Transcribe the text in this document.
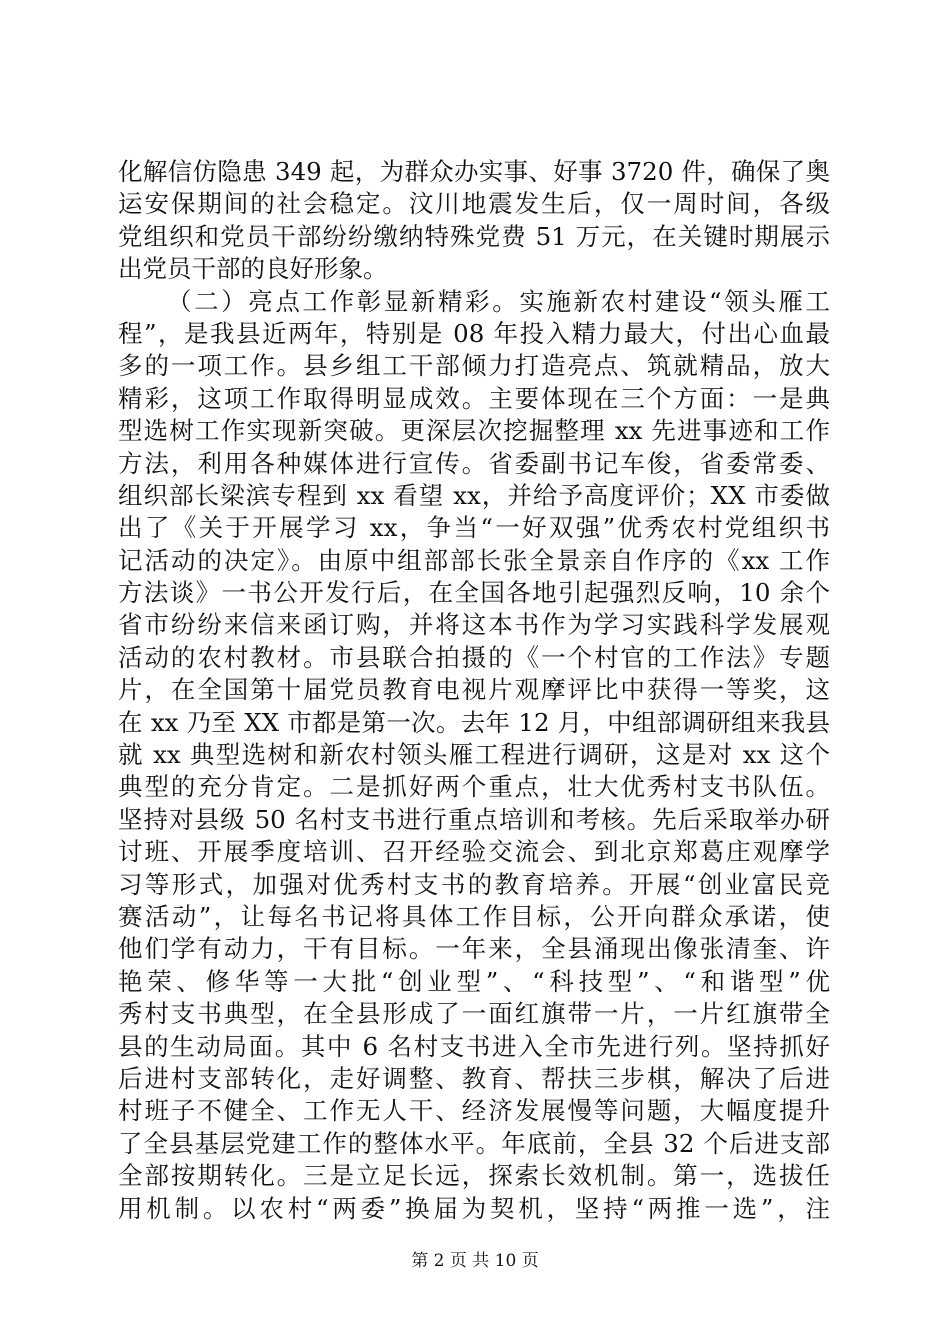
化解信仿隐患 349 起，为群众办实事、好事 3720 件，确保了奥
运安保期间的社会稳定。汶川地震发生后，仅一周时间，各级
党组织和党员干部纷纷缴纳特殊党费 51 万元，在关键时期展示
出党员干部的良好形象。
（二）亮点工作彰显新精彩。实施新农村建设“领头雁工
程”，是我县近两年，特别是 08 年投入精力最大，付出心血最
多的一项工作。县乡组工干部倾力打造亮点、筑就精品，放大
精彩，这项工作取得明显成效。主要体现在三个方面：一是典
型选树工作实现新突破。更深层次挖掘整理 xx 先进事迹和工作
方法，利用各种媒体进行宣传。省委副书记车俊，省委常委、
组织部长梁滨专程到 xx 看望 xx，并给予高度评价；XX 市委做
出了《关于开展学习 xx，争当“一好双强”优秀农村党组织书
记活动的决定》。由原中组部部长张全景亲自作序的《xx 工作
方法谈》一书公开发行后，在全国各地引起强烈反响，10 余个
省市纷纷来信来函订购，并将这本书作为学习实践科学发展观
活动的农村教材。市县联合拍摄的《一个村官的工作法》专题
片，在全国第十届党员教育电视片观摩评比中获得一等奖，这
在 xx 乃至 XX 市都是第一次。去年 12 月，中组部调研组来我县
就 xx 典型选树和新农村领头雁工程进行调研，这是对 xx 这个
典型的充分肯定。二是抓好两个重点，壮大优秀村支书队伍。
坚持对县级 50 名村支书进行重点培训和考核。先后采取举办研
讨班、开展季度培训、召开经验交流会、到北京郑葛庄观摩学
习等形式，加强对优秀村支书的教育培养。开展“创业富民竞
赛活动”，让每名书记将具体工作目标，公开向群众承诺，使
他们学有动力，干有目标。一年来，全县涌现出像张清奎、许
艳荣、修华等一大批“创业型”、“科技型”、“和谐型”优
秀村支书典型，在全县形成了一面红旗带一片，一片红旗带全
县的生动局面。其中 6 名村支书进入全市先进行列。坚持抓好
后进村支部转化，走好调整、教育、帮扶三步棋，解决了后进
村班子不健全、工作无人干、经济发展慢等问题，大幅度提升
了全县基层党建工作的整体水平。年底前，全县 32 个后进支部
全部按期转化。三是立足长远，探索长效机制。第一，选拔任
用机制。以农村“两委”换届为契机，坚持“两推一选”，注
第 2 页 共 10 页
